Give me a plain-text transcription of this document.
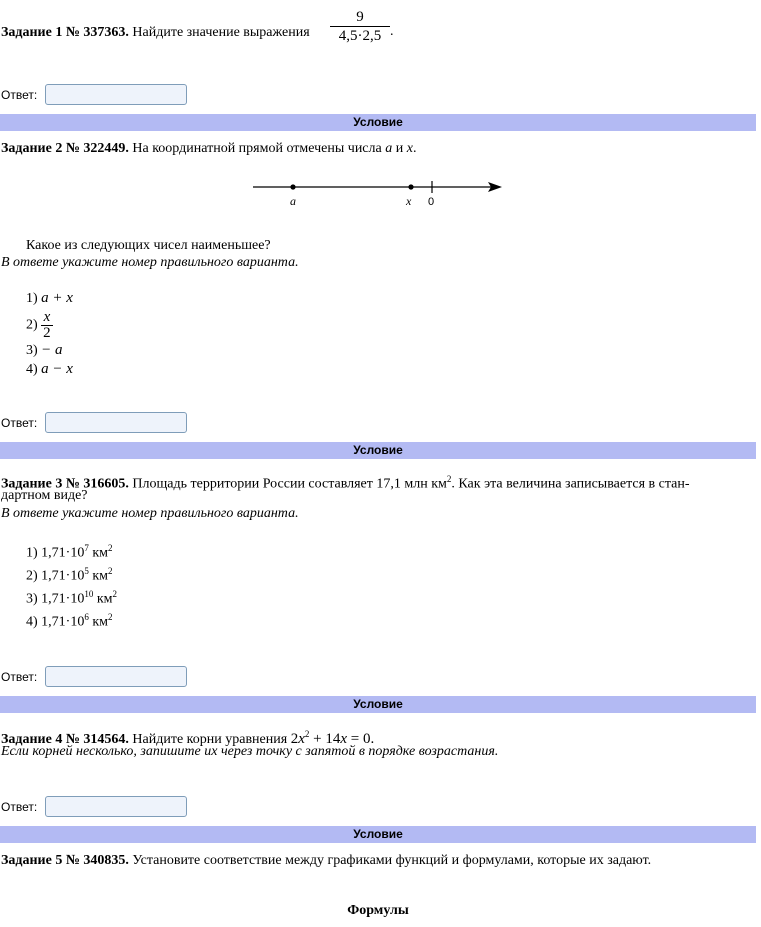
Задание 1 № 337363. Найдите значение выражения $\frac{9}{4,5\cdot 2,5}$ .
Ответ:
Условие
Задание 2 № 322449. На координатной прямой отмечены числа a и x.
a	x 0
Какое из следующих чисел наименьшее?
В ответе укажите номер правильного варианта.
1) a + x
$2) \frac{x}{2}$
3) − a
4) a − x
Ответ:
Условие
Задание 3 № 316605. Площадь территории России составляет 17,1 млн $км^2$. Как эта величина записывается в стан-
дартном виде?
В ответе укажите номер правильного варианта.
1) $1,71\cdot 10^7$ $км^2$
2) $1,71\cdot 10^5$ $км^2$
3) $1,71\cdot 10^{10}$ $км^2$
4) $1,71\cdot 10^6$ $км^2$
Ответ:
Условие
Задание 4 № 314564. Найдите корни уравнения $2x^2 + 14x = 0$.
Если корней несколько, запишите их через точку с запятой в порядке возрастания.
Ответ:
Условие
Задание 5 № 340835. Установите соответствие между графиками функций и формулами, которые их задают.
Формулы
